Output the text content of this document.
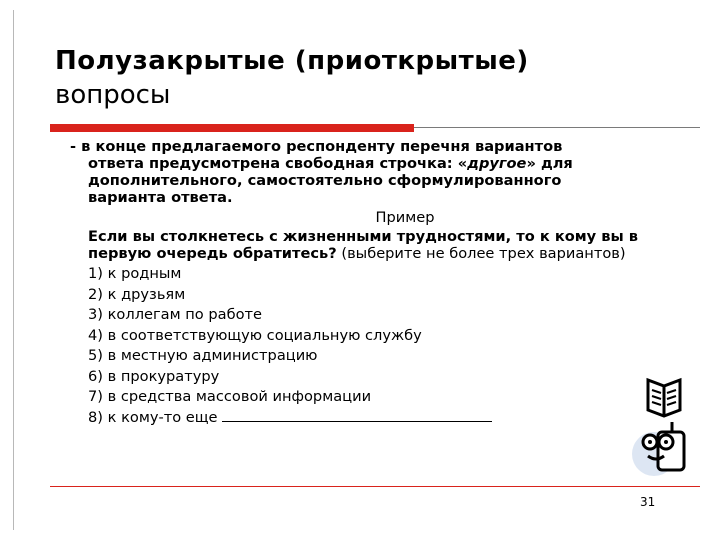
Полузакрытые (приоткрытые)
вопросы

- в конце предлагаемого респонденту перечня вариантов
ответа предусмотрена свободная строчка: «другое» для
дополнительного, самостоятельно сформулированного
варианта ответа.

Пример

Если вы столкнетесь с жизненными трудностями, то к кому вы в первую очередь обратитесь? (выберите не более трех вариантов)

1) к родным
2) к друзьям
3) коллегам по работе
4) в соответствующую социальную службу
5) в местную администрацию
6) в прокуратуру
7) в средства массовой информации
8) к кому-то еще
31
